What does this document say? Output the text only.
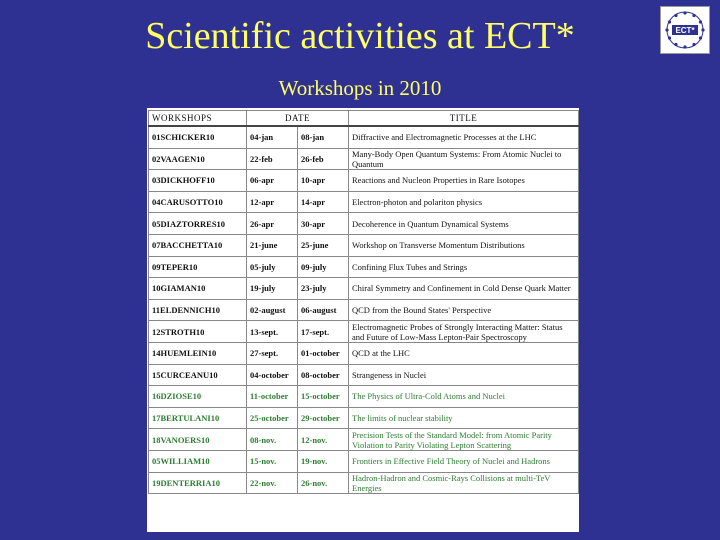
Scientific activities at ECT*
Workshops in 2010
ECT*
WORKSHOPS	DATE		TITLE
01SCHICKER10	04-jan	08-jan	Diffractive and Electromagnetic Processes at the LHC
02VAAGEN10	22-feb	26-feb	Many-Body Open Quantum Systems: From Atomic Nuclei to Quantum
03DICKHOFF10	06-apr	10-apr	Reactions and Nucleon Properties in Rare Isotopes
04CARUSOTTO10	12-apr	14-apr	Electron-photon and polariton physics
05DIAZTORRES10	26-apr	30-apr	Decoherence in Quantum Dynamical Systems
07BACCHETTA10	21-june	25-june	Workshop on Transverse Momentum Distributions
09TEPER10	05-july	09-july	Confining Flux Tubes and Strings
10GIAMAN10	19-july	23-july	Chiral Symmetry and Confinement in Cold Dense Quark Matter
11ELDENNICH10	02-august	06-august	QCD from the Bound States' Perspective
12STROTH10	13-sept.	17-sept.	Electromagnetic Probes of Strongly Interacting Matter: Status and Future of Low-Mass Lepton-Pair Spectroscopy
14HUEMLEIN10	27-sept.	01-october	QCD at the LHC
15CURCEANU10	04-october	08-october	Strangeness in Nuclei
16DZIOSE10	11-october	15-october	The Physics of Ultra-Cold Atoms and Nuclei
17BERTULANI10	25-october	29-october	The limits of nuclear stability
18VANOERS10	08-nov.	12-nov.	Precision Tests of the Standard Model: from Atomic Parity Violation to Parity Violating Lepton Scattering
05WILLIAM10	15-nov.	19-nov.	Frontiers in Effective Field Theory of Nuclei and Hadrons
19DENTERRIA10	22-nov.	26-nov.	Hadron-Hadron and Cosmic-Rays Collisions at multi-TeV Energies
